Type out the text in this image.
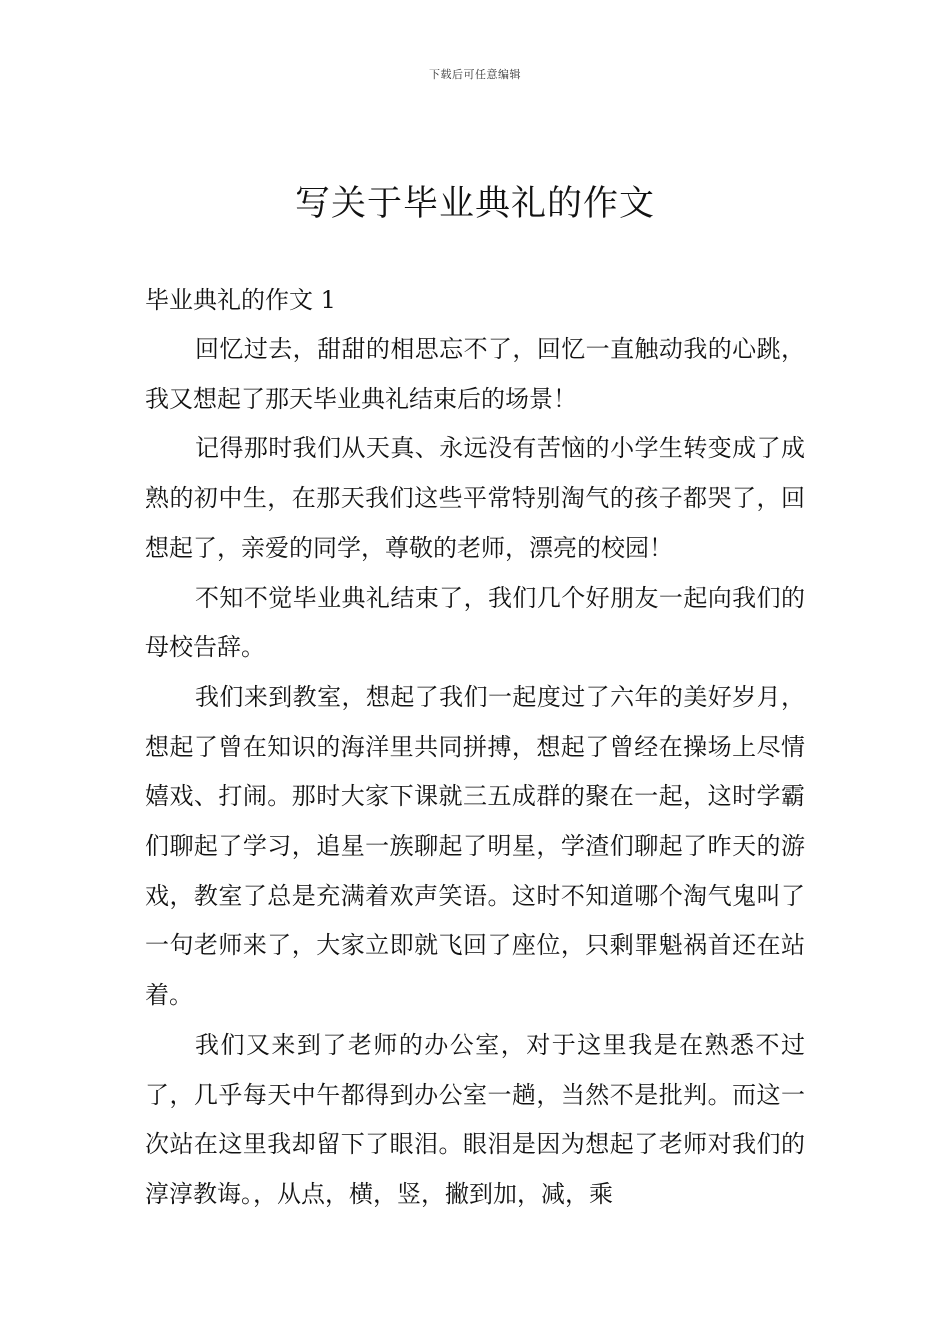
下载后可任意编辑
写关于毕业典礼的作文

毕业典礼的作文 1

回忆过去，甜甜的相思忘不了，回忆一直触动我的心跳，我又想起了那天毕业典礼结束后的场景！

记得那时我们从天真、永远没有苦恼的小学生转变成了成熟的初中生，在那天我们这些平常特别淘气的孩子都哭了，回想起了，亲爱的同学，尊敬的老师，漂亮的校园！

不知不觉毕业典礼结束了，我们几个好朋友一起向我们的母校告辞。

我们来到教室，想起了我们一起度过了六年的美好岁月，想起了曾在知识的海洋里共同拼搏，想起了曾经在操场上尽情嬉戏、打闹。那时大家下课就三五成群的聚在一起，这时学霸们聊起了学习，追星一族聊起了明星，学渣们聊起了昨天的游戏，教室了总是充满着欢声笑语。这时不知道哪个淘气鬼叫了一句老师来了，大家立即就飞回了座位，只剩罪魁祸首还在站着。

我们又来到了老师的办公室，对于这里我是在熟悉不过了，几乎每天中午都得到办公室一趟，当然不是批判。而这一次站在这里我却留下了眼泪。眼泪是因为想起了老师对我们的淳淳教诲。，从点，横，竖，撇到加，减，乘
